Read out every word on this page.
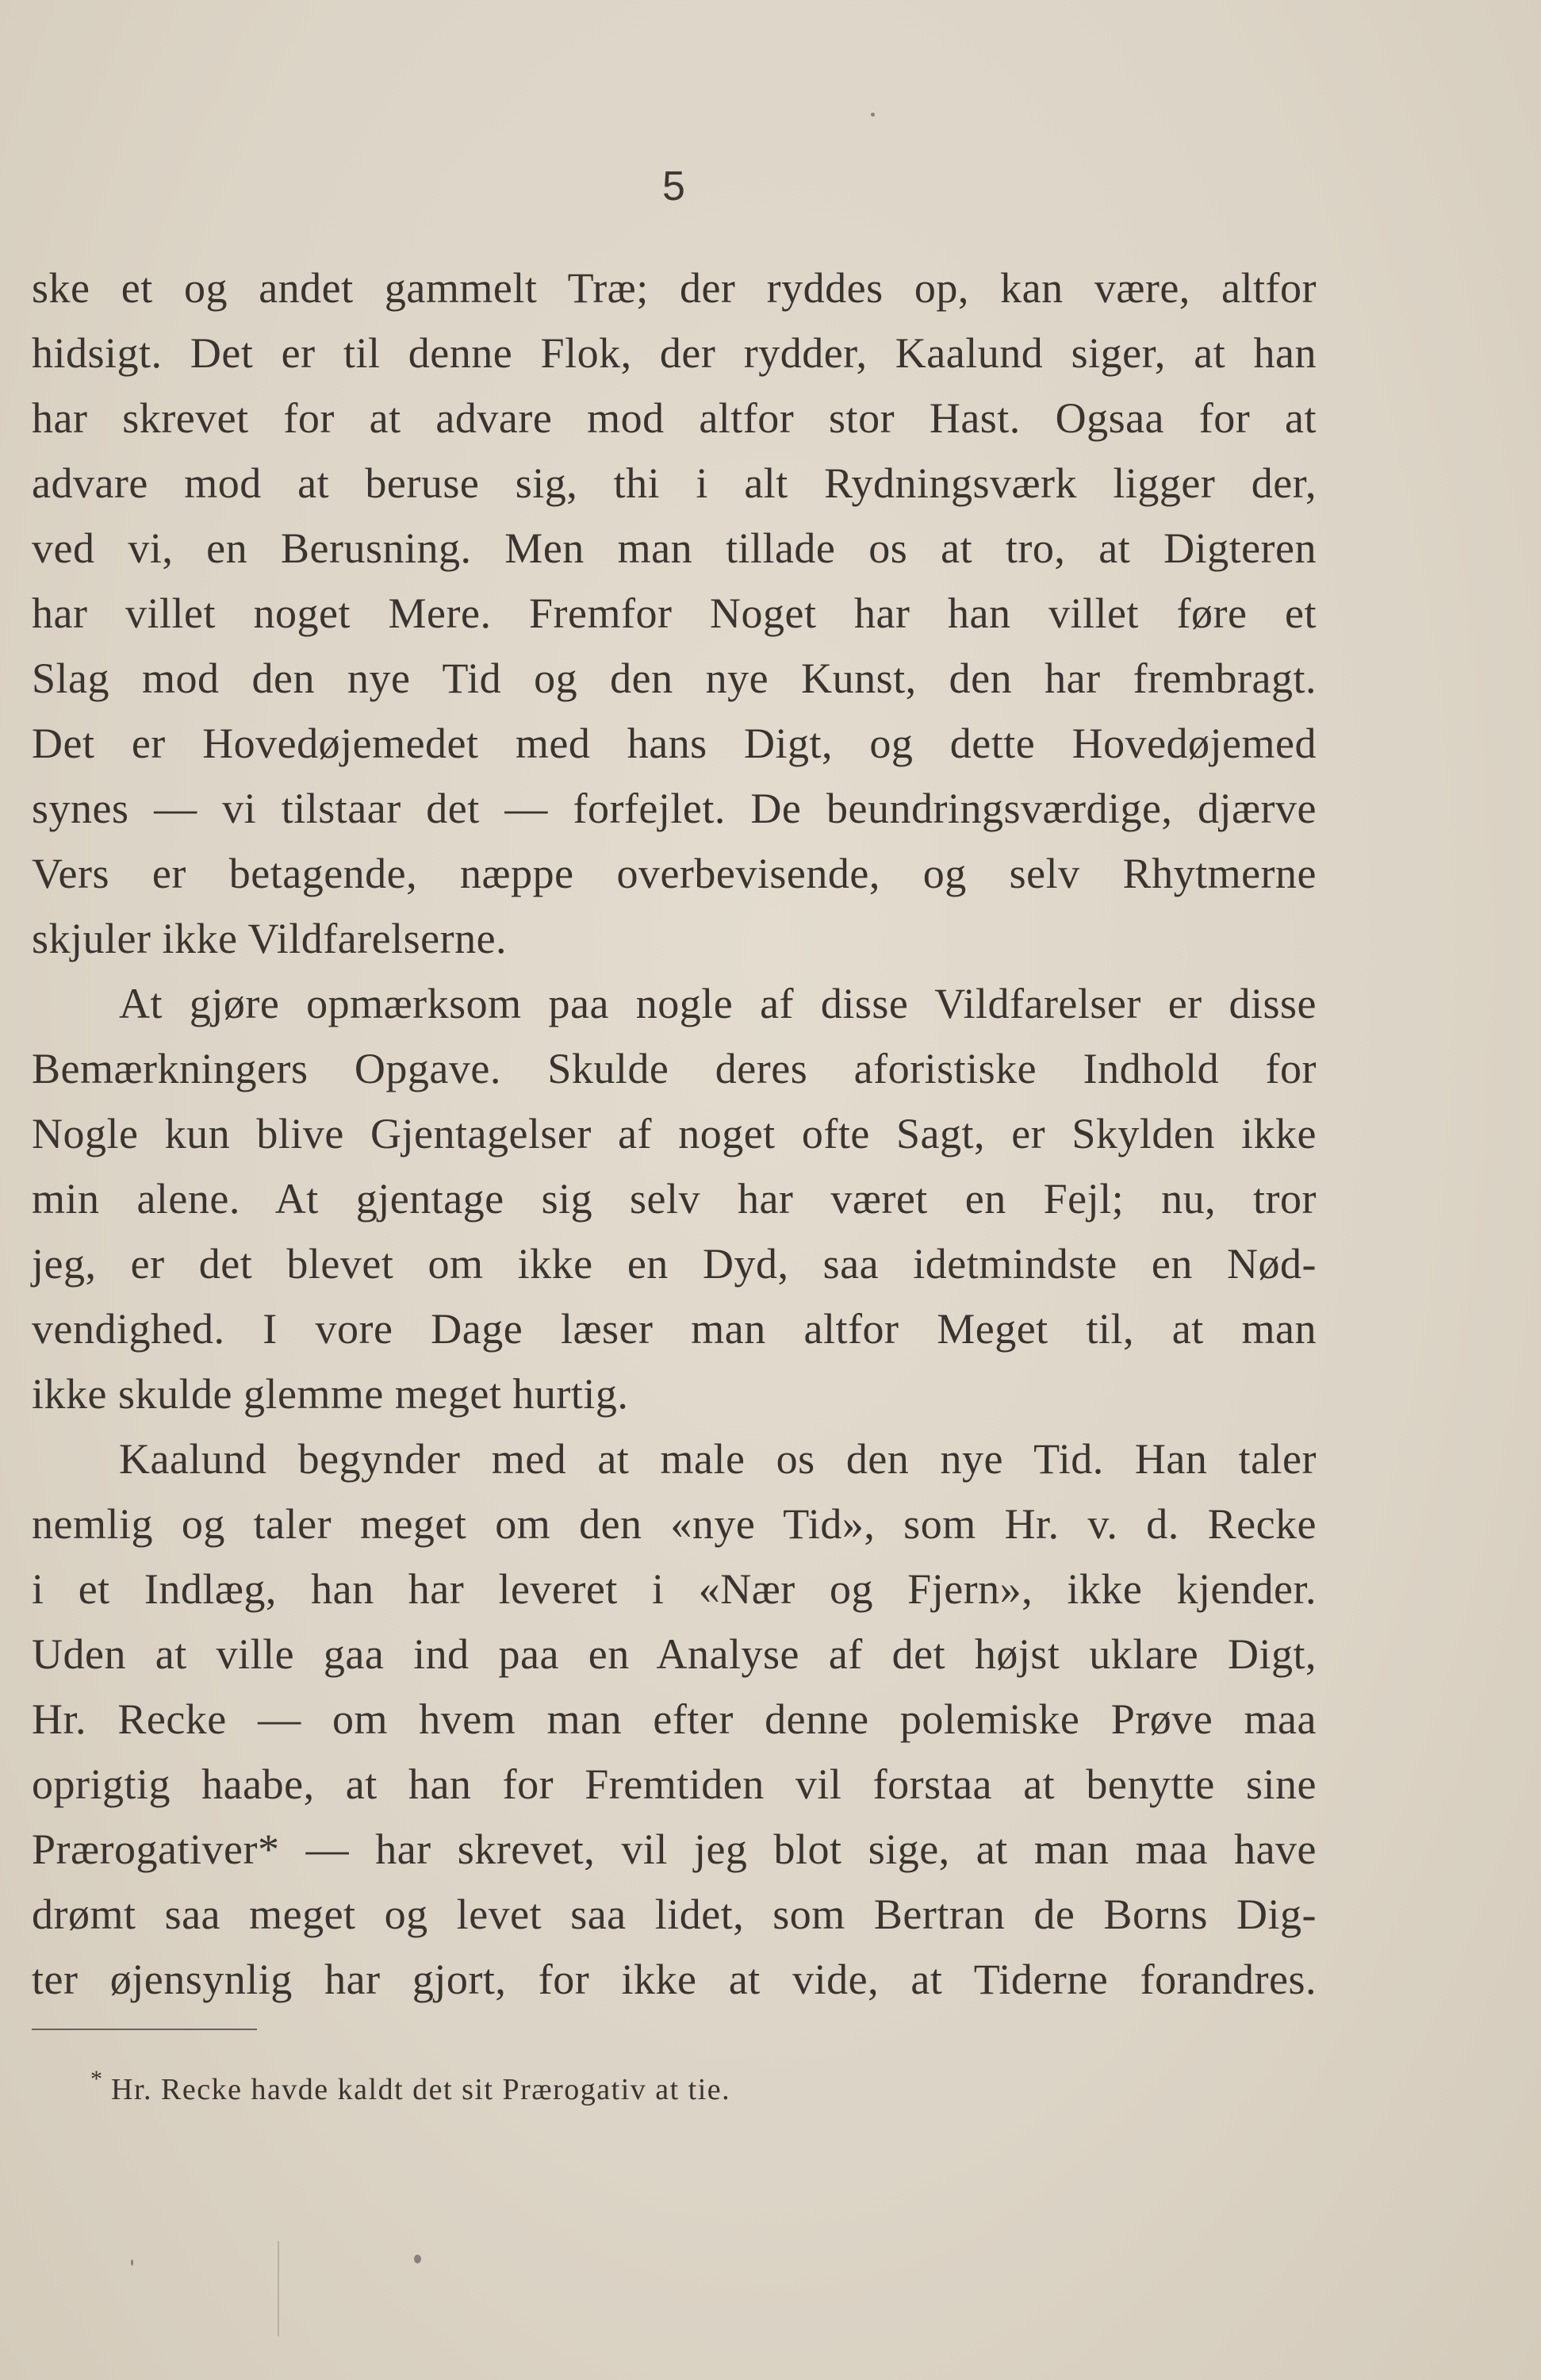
5
ske et og andet gammelt Træ; der ryddes op, kan være, altfor
hidsigt. Det er til denne Flok, der rydder, Kaalund siger, at han
har skrevet for at advare mod altfor stor Hast. Ogsaa for at
advare mod at beruse sig, thi i alt Rydningsværk ligger der,
ved vi, en Berusning. Men man tillade os at tro, at Digteren
har villet noget Mere. Fremfor Noget har han villet føre et
Slag mod den nye Tid og den nye Kunst, den har frembragt.
Det er Hovedøjemedet med hans Digt, og dette Hovedøjemed
synes — vi tilstaar det — forfejlet. De beundringsværdige, djærve
Vers er betagende, næppe overbevisende, og selv Rhytmerne
skjuler ikke Vildfarelserne.
At gjøre opmærksom paa nogle af disse Vildfarelser er disse
Bemærkningers Opgave. Skulde deres aforistiske Indhold for
Nogle kun blive Gjentagelser af noget ofte Sagt, er Skylden ikke
min alene. At gjentage sig selv har været en Fejl; nu, tror
jeg, er det blevet om ikke en Dyd, saa idetmindste en Nød-
vendighed. I vore Dage læser man altfor Meget til, at man
ikke skulde glemme meget hurtig.
Kaalund begynder med at male os den nye Tid. Han taler
nemlig og taler meget om den «nye Tid», som Hr. v. d. Recke
i et Indlæg, han har leveret i «Nær og Fjern», ikke kjender.
Uden at ville gaa ind paa en Analyse af det højst uklare Digt,
Hr. Recke — om hvem man efter denne polemiske Prøve maa
oprigtig haabe, at han for Fremtiden vil forstaa at benytte sine
Prærogativer* — har skrevet, vil jeg blot sige, at man maa have
drømt saa meget og levet saa lidet, som Bertran de Borns Dig-
ter øjensynlig har gjort, for ikke at vide, at Tiderne forandres.
* Hr. Recke havde kaldt det sit Prærogativ at tie.
